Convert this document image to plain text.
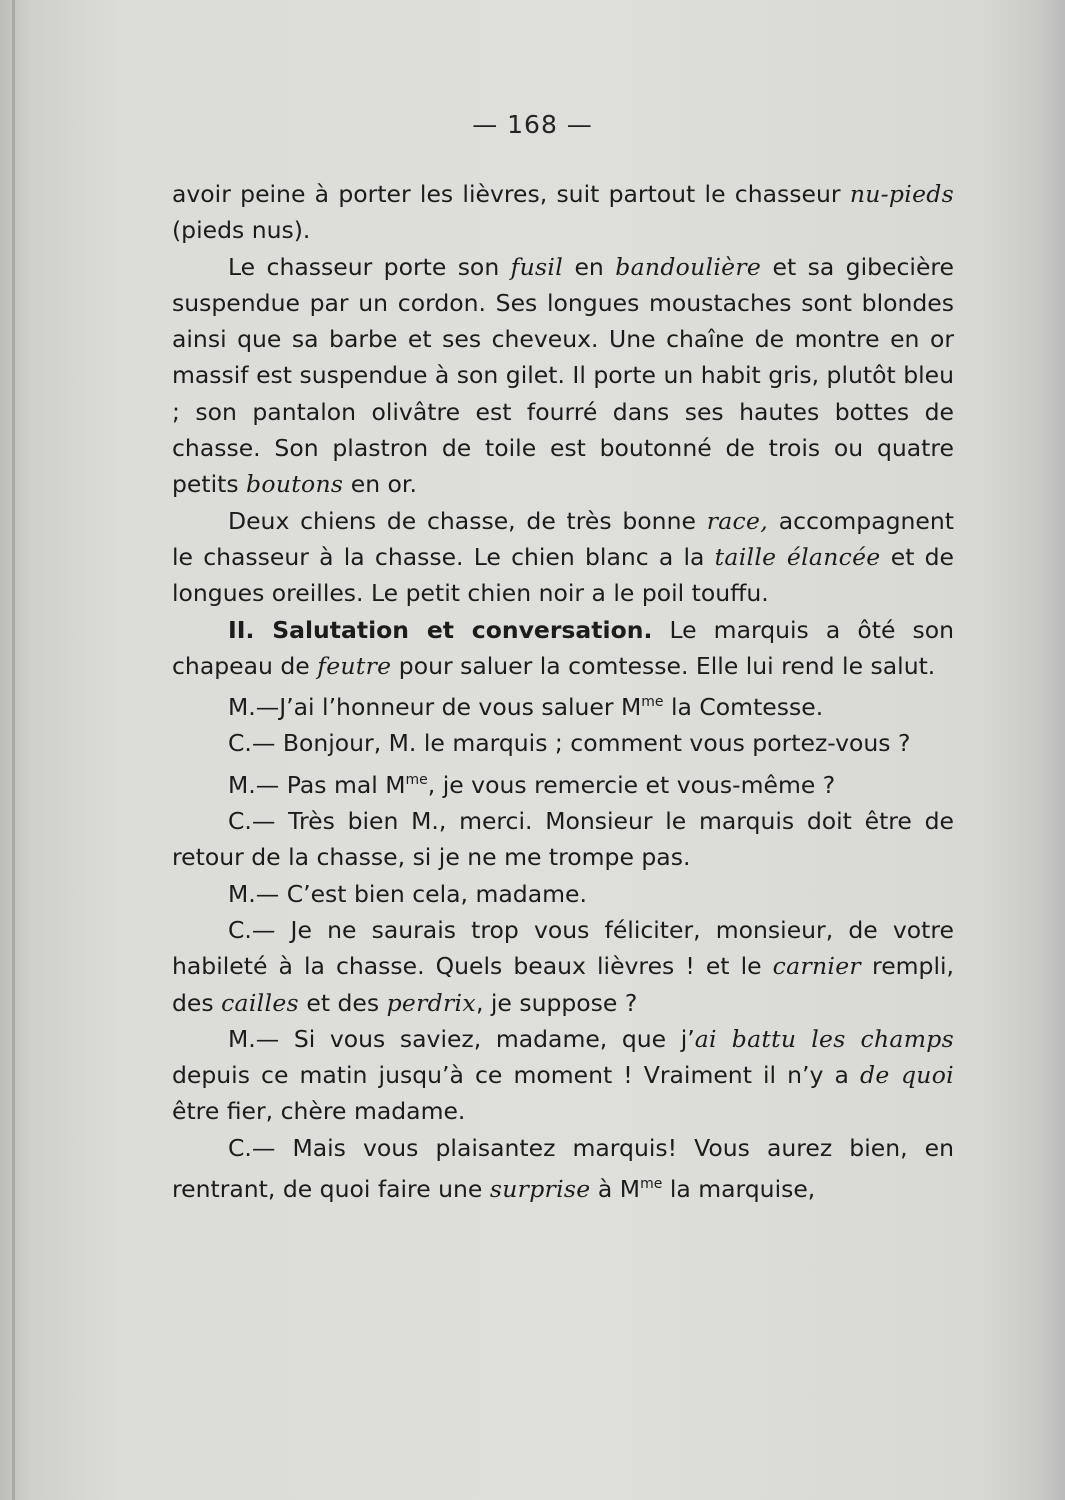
— 168 —

avoir peine à porter les lièvres, suit partout le chasseur nu-pieds (pieds nus).

Le chasseur porte son fusil en bandoulière et sa gibecière suspendue par un cordon. Ses longues moustaches sont blondes ainsi que sa barbe et ses cheveux. Une chaîne de montre en or massif est suspendue à son gilet. Il porte un habit gris, plutôt bleu ; son pantalon olivâtre est fourré dans ses hautes bottes de chasse. Son plastron de toile est boutonné de trois ou quatre petits boutons en or.

Deux chiens de chasse, de très bonne race, accompagnent le chasseur à la chasse. Le chien blanc a la taille élancée et de longues oreilles. Le petit chien noir a le poil touffu.

II. Salutation et conversation. Le marquis a ôté son chapeau de feutre pour saluer la comtesse. Elle lui rend le salut.

M.—J’ai l’honneur de vous saluer $M^{me}$ la Comtesse.

C.— Bonjour, M. le marquis ; comment vous portez-vous ?

M.— Pas mal $M^{me}$, je vous remercie et vous-même ?

C.— Très bien M., merci. Monsieur le marquis doit être de retour de la chasse, si je ne me trompe pas.

M.— C’est bien cela, madame.

C.— Je ne saurais trop vous féliciter, monsieur, de votre habileté à la chasse. Quels beaux lièvres ! et le carnier rempli, des cailles et des perdrix, je suppose ?

M.— Si vous saviez, madame, que j’ai battu les champs depuis ce matin jusqu’à ce moment ! Vraiment il n’y a de quoi être fier, chère madame.

C.— Mais vous plaisantez marquis! Vous aurez bien, en rentrant, de quoi faire une surprise à $M^{me}$ la marquise,
